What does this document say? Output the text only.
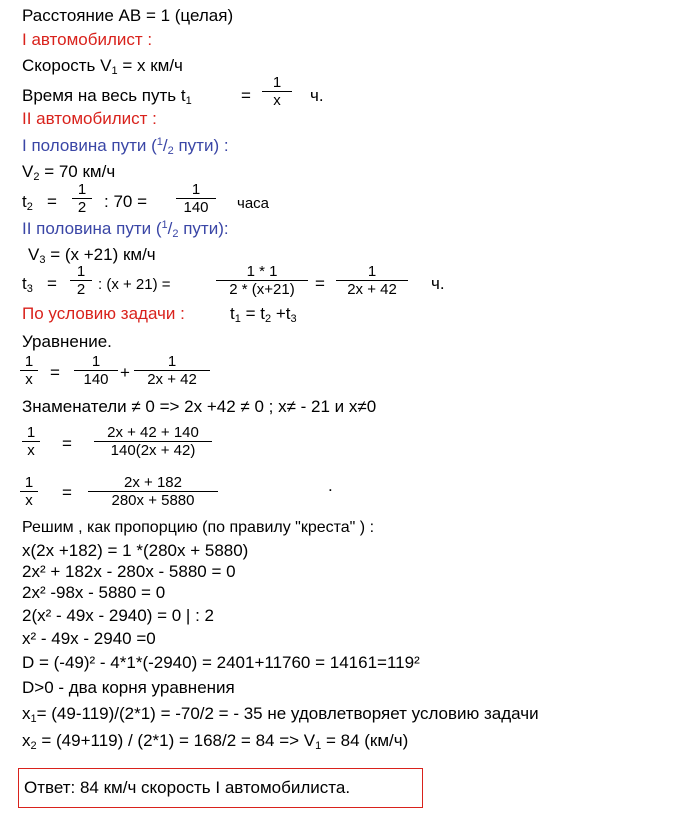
Расстояние АВ = 1 (целая)
I автомобилист :
Скорость $V_1 = x$ км/ч
Время на весь путь $t_1$	=
1
x	ч.
II автомобилист :
I половина пути ($^1/_2$ пути) :
$V_2 = 70$ км/ч
$t_2$ =
1
2	: 70 =
1
140	часа
II половина пути ($^1/_2$ пути):
$V_3 = (x +21)$ км/ч
$t_3$ =
1
2 : (x + 21) =
1 * 1
2 * (x+21)	=
1
2x + 42	ч.
По условию задачи :	$t_1 = t_2 +t_3$
Уравнение.
1
x	=
1
140 +
1
2x + 42
Знаменатели ≠ 0 => 2x +42 ≠ 0 ; x≠ - 21 и x≠0
1
x	=
2x + 42 + 140
140(2x + 42)
1
x	=
2x + 182
280x + 5880
.
Решим , как пропорцию (по правилу "креста" ) :
x(2x +182) = 1 *(280x + 5880)
2x² + 182x - 280x - 5880 = 0
2x² -98x - 5880 = 0
2(x² - 49x - 2940) = 0 | : 2
x² - 49x - 2940 =0
D = (-49)² - 4*1*(-2940) = 2401+11760 = 14161=119²
D>0 - два корня уравнения
$x_1= (49-119)/(2*1) = -70/2$ = - 35 не удовлетворяет условию задачи
$x_2 = (49+119) / (2*1) = 168/2 = 84 => V_1 = 84$ (км/ч)
Ответ: 84 км/ч скорость I автомобилиста.
